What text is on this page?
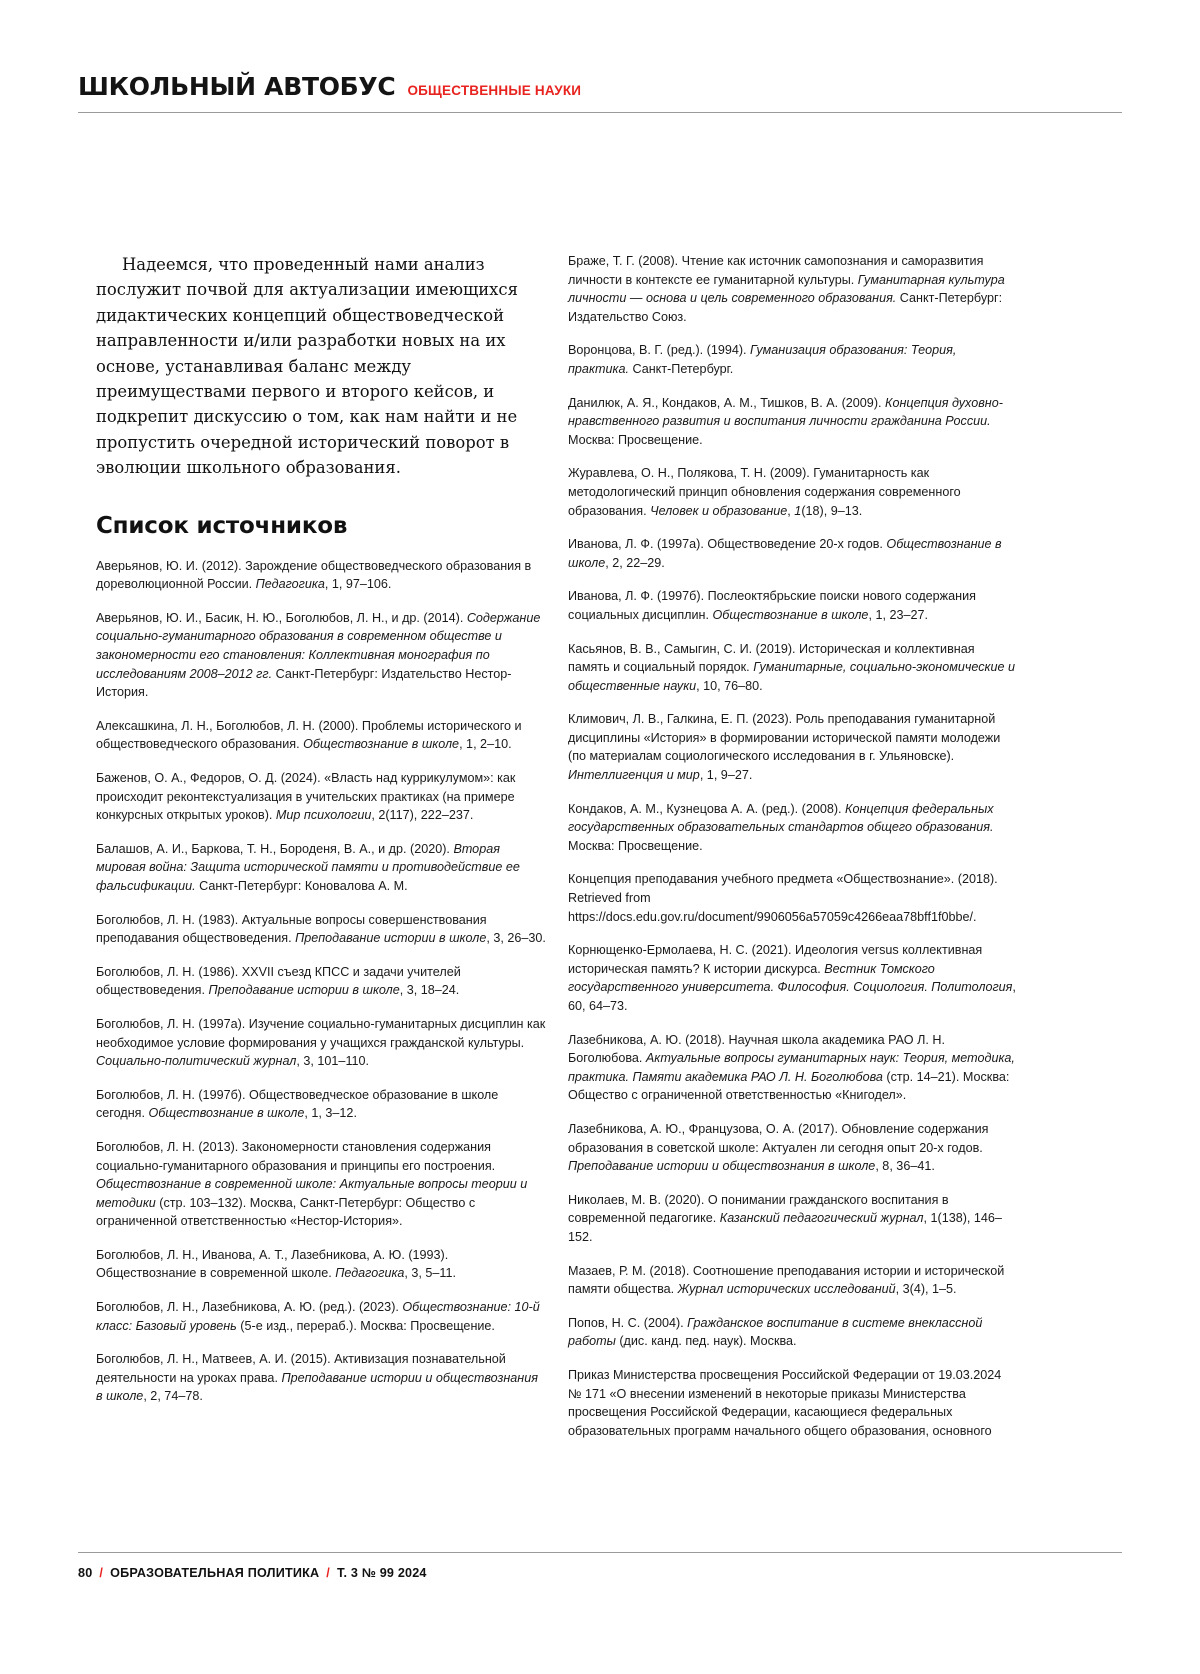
ШКОЛЬНЫЙ АВТОБУС ОБЩЕСТВЕННЫЕ НАУКИ

Надеемся, что проведенный нами анализ послужит почвой для актуализации имеющихся дидактических концепций обществоведческой направленности и/или разработки новых на их основе, устанавливая баланс между преимуществами первого и второго кейсов, и подкрепит дискуссию о том, как нам найти и не пропустить очередной исторический поворот в эволюции школьного образования.

Список источников

Аверьянов, Ю. И. (2012). Зарождение обществоведческого образования в дореволюционной России. Педагогика, 1, 97–106.

Аверьянов, Ю. И., Басик, Н. Ю., Боголюбов, Л. Н., и др. (2014). Содержание социально-гуманитарного образования в современном обществе и закономерности его становления: Коллективная монография по исследованиям 2008–2012 гг. Санкт-Петербург: Издательство Нестор-История.

Алексашкина, Л. Н., Боголюбов, Л. Н. (2000). Проблемы исторического и обществоведческого образования. Обществознание в школе, 1, 2–10.

Баженов, О. А., Федоров, О. Д. (2024). «Власть над куррикулумом»: как происходит реконтекстуализация в учительских практиках (на примере конкурсных открытых уроков). Мир психологии, 2(117), 222–237.

Балашов, А. И., Баркова, Т. Н., Бороденя, В. А., и др. (2020). Вторая мировая война: Защита исторической памяти и противодействие ее фальсификации. Санкт-Петербург: Коновалова А. М.

Боголюбов, Л. Н. (1983). Актуальные вопросы совершенствования преподавания обществоведения. Преподавание истории в школе, 3, 26–30.

Боголюбов, Л. Н. (1986). XXVII съезд КПСС и задачи учителей обществоведения. Преподавание истории в школе, 3, 18–24.

Боголюбов, Л. Н. (1997а). Изучение социально-гуманитарных дисциплин как необходимое условие формирования у учащихся гражданской культуры. Социально-политический журнал, 3, 101–110.

Боголюбов, Л. Н. (1997б). Обществоведческое образование в школе сегодня. Обществознание в школе, 1, 3–12.

Боголюбов, Л. Н. (2013). Закономерности становления содержания социально-гуманитарного образования и принципы его построения. Обществознание в современной школе: Актуальные вопросы теории и методики (стр. 103–132). Москва, Санкт-Петербург: Общество с ограниченной ответственностью «Нестор-История».

Боголюбов, Л. Н., Иванова, А. Т., Лазебникова, А. Ю. (1993). Обществознание в современной школе. Педагогика, 3, 5–11.

Боголюбов, Л. Н., Лазебникова, А. Ю. (ред.). (2023). Обществознание: 10-й класс: Базовый уровень (5-е изд., перераб.). Москва: Просвещение.

Боголюбов, Л. Н., Матвеев, А. И. (2015). Активизация познавательной деятельности на уроках права. Преподавание истории и обществознания в школе, 2, 74–78.

Браже, Т. Г. (2008). Чтение как источник самопознания и саморазвития личности в контексте ее гуманитарной культуры. Гуманитарная культура личности — основа и цель современного образования. Санкт-Петербург: Издательство Союз.

Воронцова, В. Г. (ред.). (1994). Гуманизация образования: Теория, практика. Санкт-Петербург.

Данилюк, А. Я., Кондаков, А. М., Тишков, В. А. (2009). Концепция духовно-нравственного развития и воспитания личности гражданина России. Москва: Просвещение.

Журавлева, О. Н., Полякова, Т. Н. (2009). Гуманитарность как методологический принцип обновления содержания современного образования. Человек и образование, 1(18), 9–13.

Иванова, Л. Ф. (1997а). Обществоведение 20-х годов. Обществознание в школе, 2, 22–29.

Иванова, Л. Ф. (1997б). Послеоктябрьские поиски нового содержания социальных дисциплин. Обществознание в школе, 1, 23–27.

Касьянов, В. В., Самыгин, С. И. (2019). Историческая и коллективная память и социальный порядок. Гуманитарные, социально-экономические и общественные науки, 10, 76–80.

Климович, Л. В., Галкина, Е. П. (2023). Роль преподавания гуманитарной дисциплины «История» в формировании исторической памяти молодежи (по материалам социологического исследования в г. Ульяновске). Интеллигенция и мир, 1, 9–27.

Кондаков, А. М., Кузнецова А. А. (ред.). (2008). Концепция федеральных государственных образовательных стандартов общего образования. Москва: Просвещение.

Концепция преподавания учебного предмета «Обществознание». (2018). Retrieved from https://docs.edu.gov.ru/document/9906056a57059c4266eaa78bff1f0bbe/.

Корнющенко-Ермолаева, Н. С. (2021). Идеология versus коллективная историческая память? К истории дискурса. Вестник Томского государственного университета. Философия. Социология. Политология, 60, 64–73.

Лазебникова, А. Ю. (2018). Научная школа академика РАО Л. Н. Боголюбова. Актуальные вопросы гуманитарных наук: Теория, методика, практика. Памяти академика РАО Л. Н. Боголюбова (стр. 14–21). Москва: Общество с ограниченной ответственностью «Книгодел».

Лазебникова, А. Ю., Французова, О. А. (2017). Обновление содержания образования в советской школе: Актуален ли сегодня опыт 20-х годов. Преподавание истории и обществознания в школе, 8, 36–41.

Николаев, М. В. (2020). О понимании гражданского воспитания в современной педагогике. Казанский педагогический журнал, 1(138), 146–152.

Мазаев, Р. М. (2018). Соотношение преподавания истории и исторической памяти общества. Журнал исторических исследований, 3(4), 1–5.

Попов, Н. С. (2004). Гражданское воспитание в системе внеклассной работы (дис. канд. пед. наук). Москва.

Приказ Министерства просвещения Российской Федерации от 19.03.2024 № 171 «О внесении изменений в некоторые приказы Министерства просвещения Российской Федерации, касающиеся федеральных образовательных программ начального общего образования, основного

80 / ОБРАЗОВАТЕЛЬНАЯ ПОЛИТИКА / Т. 3 № 99 2024
